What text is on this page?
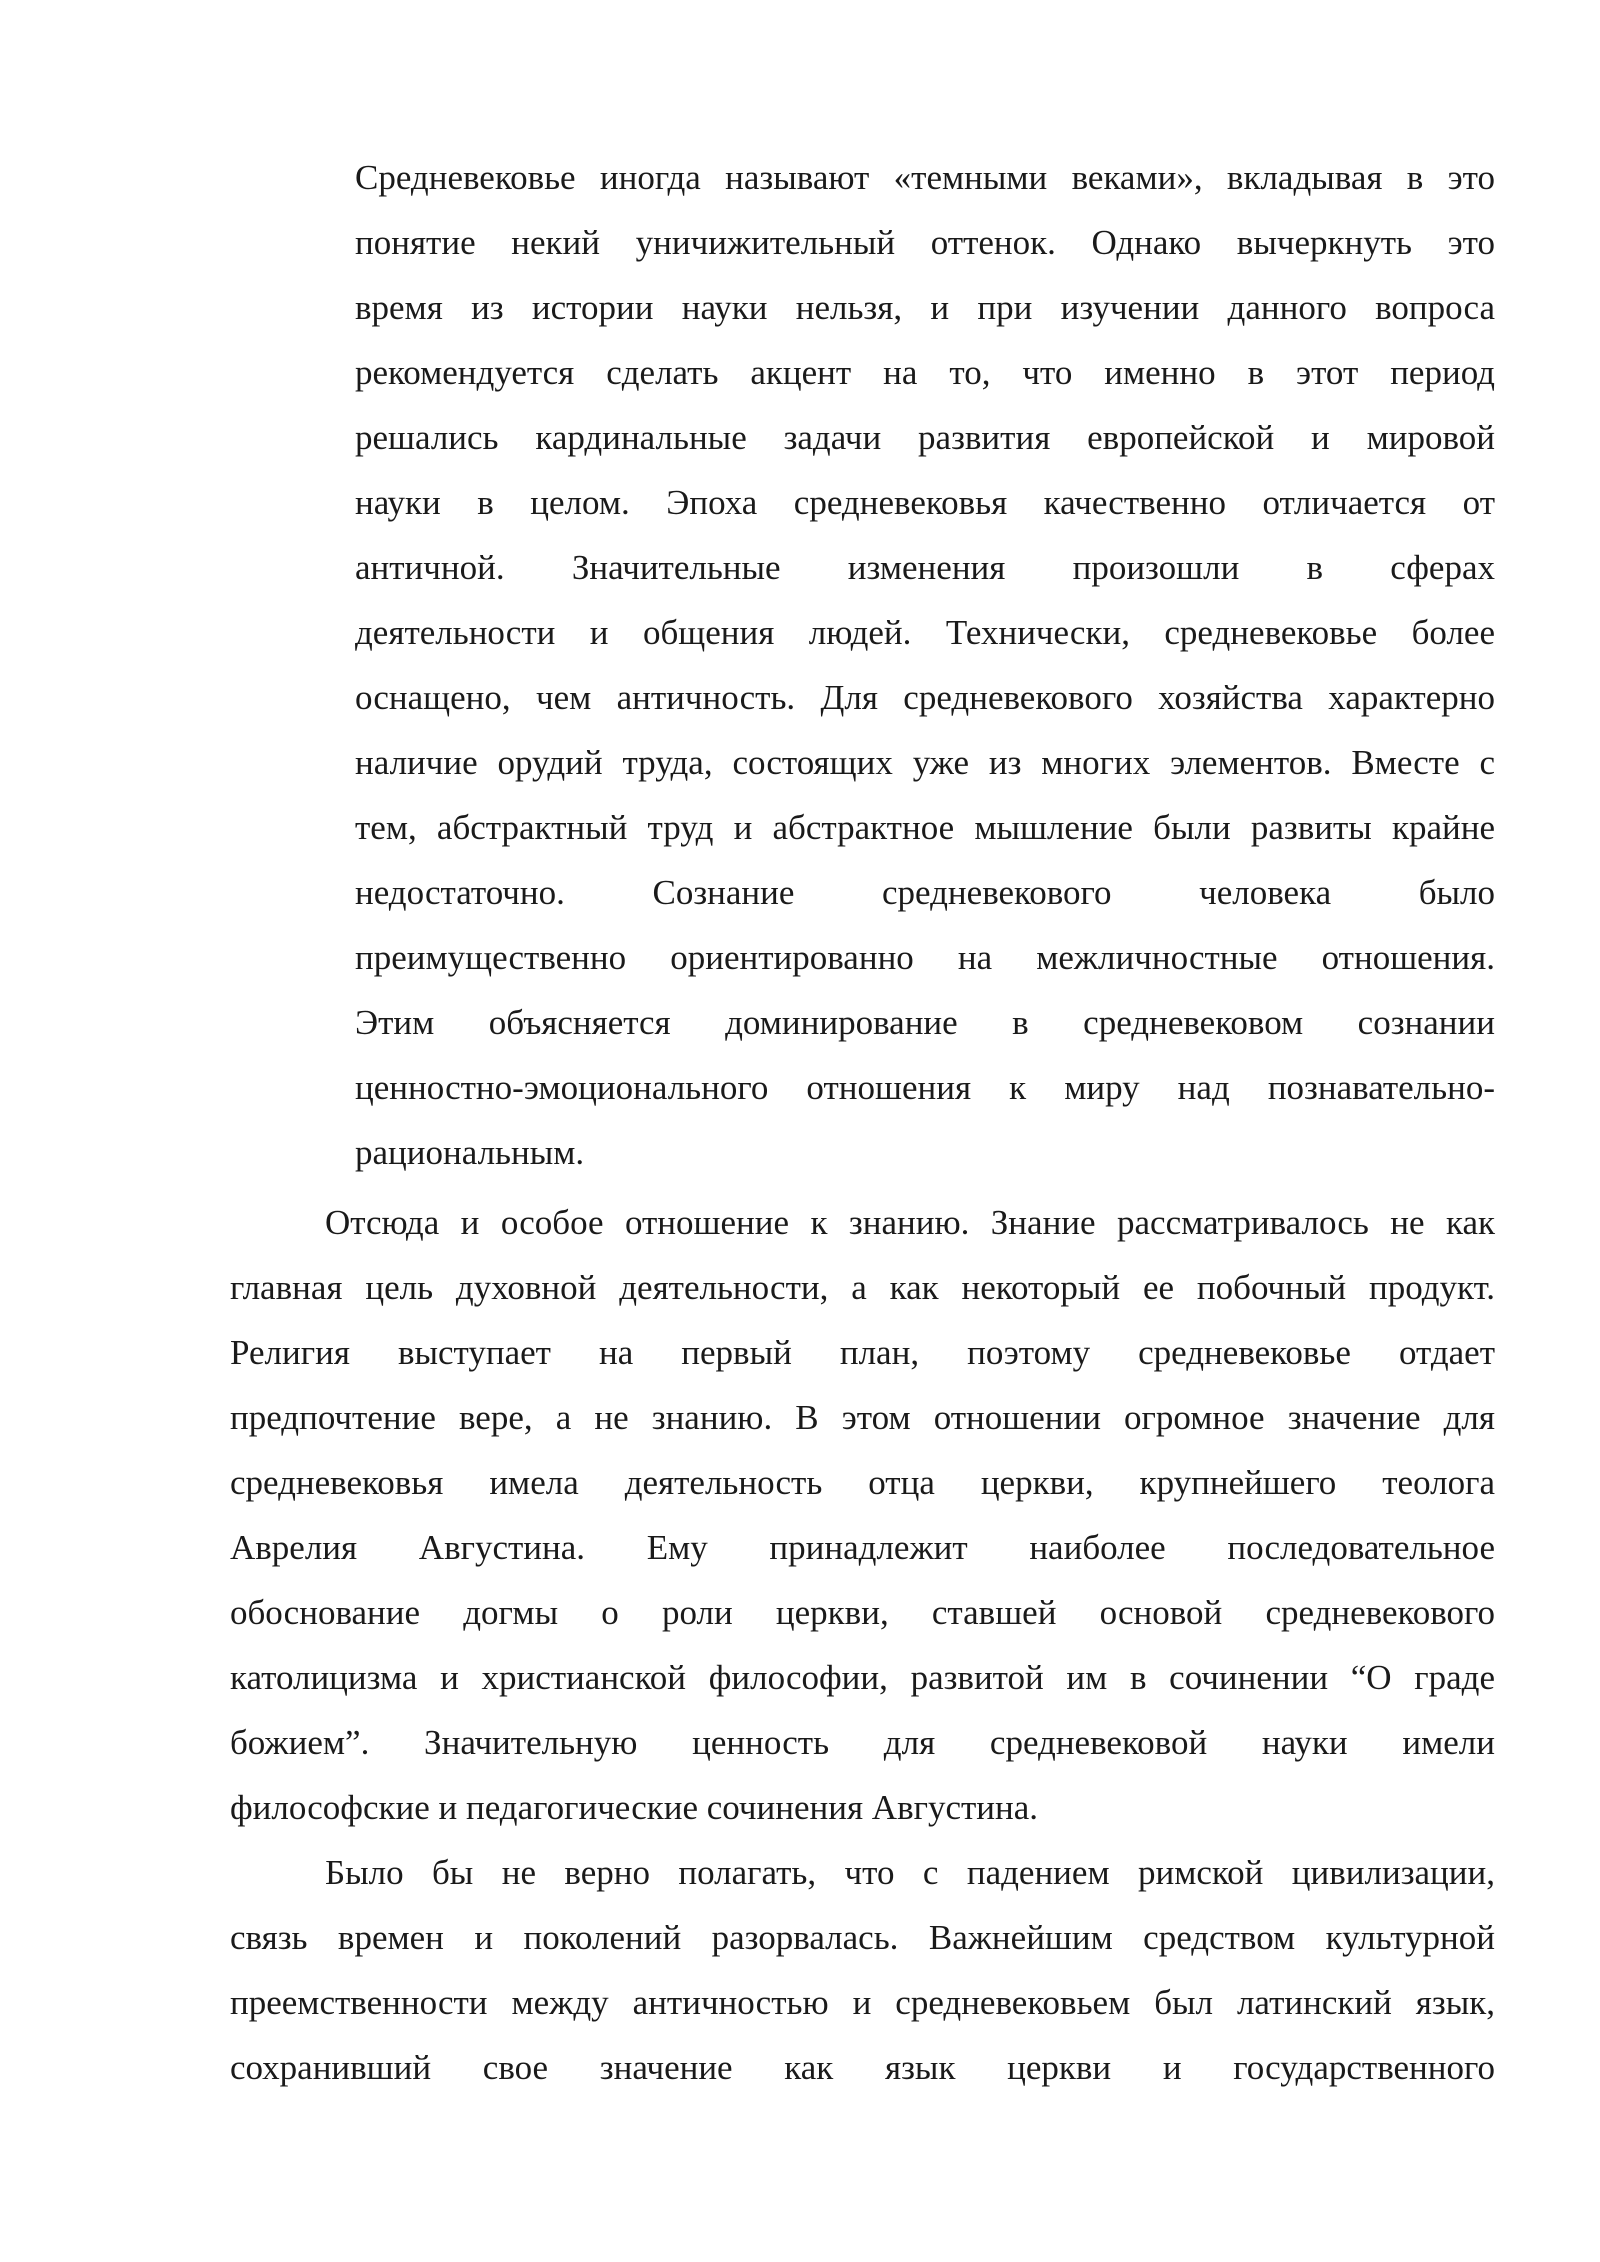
Средневековье иногда называют «темными веками», вкладывая в это
понятие некий уничижительный оттенок. Однако вычеркнуть это
время из истории науки нельзя, и при изучении данного вопроса
рекомендуется сделать акцент на то, что именно в этот период
решались кардинальные задачи развития европейской и мировой
науки в целом. Эпоха средневековья качественно отличается от
античной. Значительные изменения произошли в сферах
деятельности и общения людей. Технически, средневековье более
оснащено, чем античность. Для средневекового хозяйства характерно
наличие орудий труда, состоящих уже из многих элементов. Вместе с
тем, абстрактный труд и абстрактное мышление были развиты крайне
недостаточно. Сознание средневекового человека было
преимущественно ориентированно на межличностные отношения.
Этим объясняется доминирование в средневековом сознании
ценностно-эмоционального отношения к миру над познавательно-
рациональным.
Отсюда и особое отношение к знанию. Знание рассматривалось не как
главная цель духовной деятельности, а как некоторый ее побочный продукт.
Религия выступает на первый план, поэтому средневековье отдает
предпочтение вере, а не знанию. В этом отношении огромное значение для
средневековья имела деятельность отца церкви, крупнейшего теолога
Аврелия Августина. Ему принадлежит наиболее последовательное
обоснование догмы о роли церкви, ставшей основой средневекового
католицизма и христианской философии, развитой им в сочинении “О граде
божием”. Значительную ценность для средневековой науки имели
философские и педагогические сочинения Августина.
Было бы не верно полагать, что с падением римской цивилизации,
связь времен и поколений разорвалась. Важнейшим средством культурной
преемственности между античностью и средневековьем был латинский язык,
сохранивший свое значение как язык церкви и государственного
